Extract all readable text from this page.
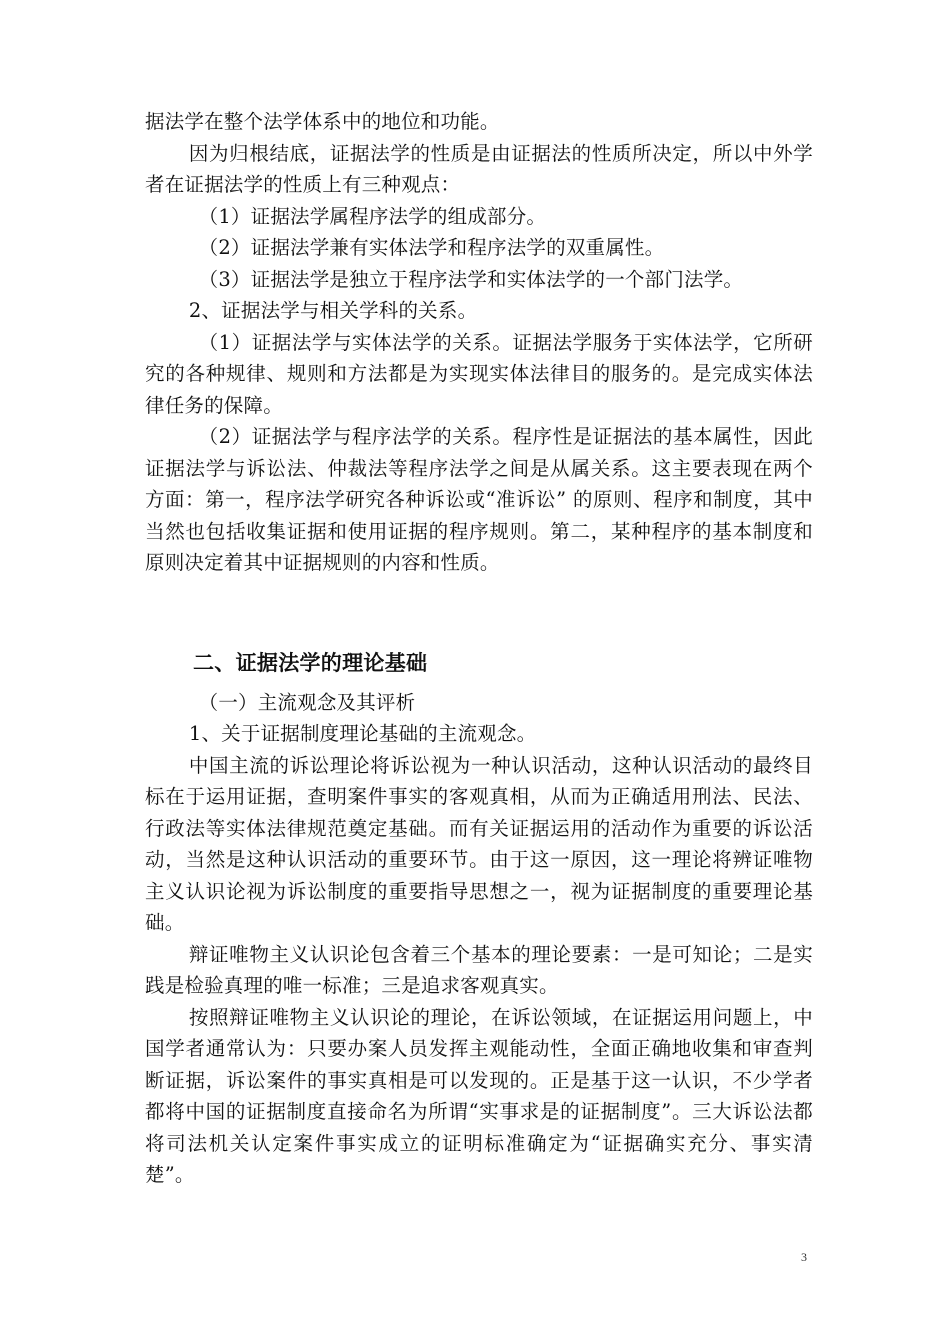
据法学在整个法学体系中的地位和功能。

因为归根结底，证据法学的性质是由证据法的性质所决定，所以中外学者在证据法学的性质上有三种观点：

（1）证据法学属程序法学的组成部分。

（2）证据法学兼有实体法学和程序法学的双重属性。

（3）证据法学是独立于程序法学和实体法学的一个部门法学。

2、证据法学与相关学科的关系。

（1）证据法学与实体法学的关系。证据法学服务于实体法学，它所研究的各种规律、规则和方法都是为实现实体法律目的服务的。是完成实体法律任务的保障。

（2）证据法学与程序法学的关系。程序性是证据法的基本属性，因此证据法学与诉讼法、仲裁法等程序法学之间是从属关系。这主要表现在两个方面：第一，程序法学研究各种诉讼或“准诉讼” 的原则、程序和制度，其中当然也包括收集证据和使用证据的程序规则。第二，某种程序的基本制度和原则决定着其中证据规则的内容和性质。

二、证据法学的理论基础

（一）主流观念及其评析

1、关于证据制度理论基础的主流观念。

中国主流的诉讼理论将诉讼视为一种认识活动，这种认识活动的最终目标在于运用证据，查明案件事实的客观真相，从而为正确适用刑法、民法、行政法等实体法律规范奠定基础。而有关证据运用的活动作为重要的诉讼活动，当然是这种认识活动的重要环节。由于这一原因，这一理论将辨证唯物主义认识论视为诉讼制度的重要指导思想之一，视为证据制度的重要理论基础。

辩证唯物主义认识论包含着三个基本的理论要素：一是可知论；二是实践是检验真理的唯一标准；三是追求客观真实。

按照辩证唯物主义认识论的理论，在诉讼领域，在证据运用问题上，中国学者通常认为：只要办案人员发挥主观能动性，全面正确地收集和审查判断证据，诉讼案件的事实真相是可以发现的。正是基于这一认识，不少学者都将中国的证据制度直接命名为所谓“实事求是的证据制度”。三大诉讼法都将司法机关认定案件事实成立的证明标准确定为“证据确实充分、事实清楚”。

3
